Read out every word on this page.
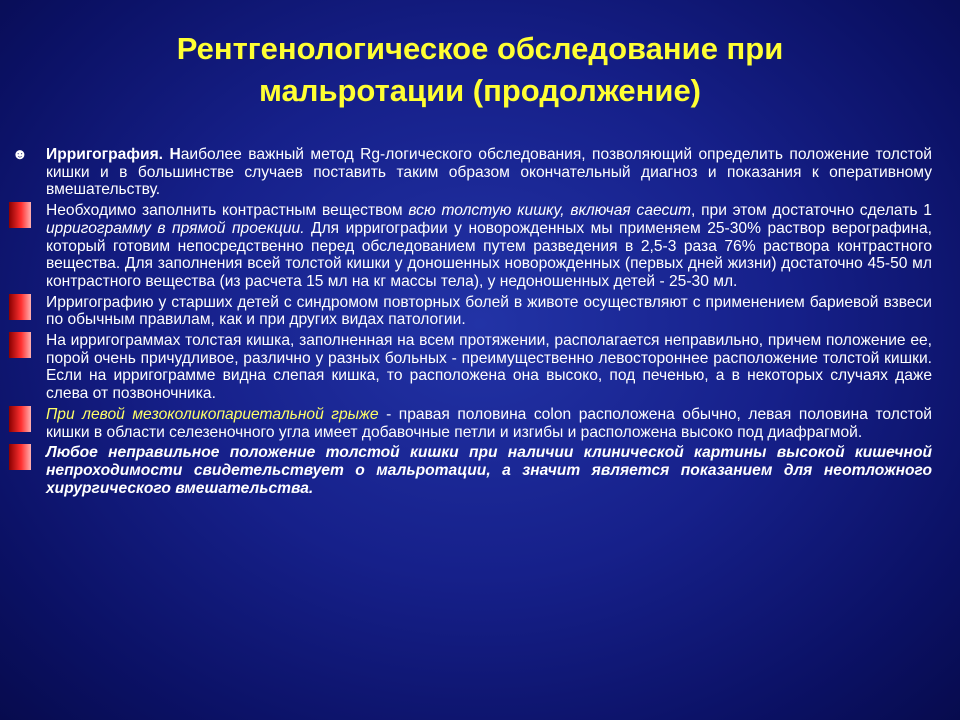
Рентгенологическое обследование при
мальротации (продолжение)
☻ Ирригография. Наиболее важный метод Rg-логического обследования, позволяющий определить положение толстой кишки и в большинстве случаев поставить таким образом окончательный диагноз и показания к оперативному вмешательству.
Необходимо заполнить контрастным веществом всю толстую кишку, включая саесит, при этом достаточно сделать 1 ирригограмму в прямой проекции. Для ирригографии у новорожденных мы применяем 25-30% раствор верографина, который готовим непосредственно перед обследованием путем разведения в 2,5-3 раза 76% раствора контрастного вещества. Для заполнения всей толстой кишки у доношенных новорожденных (первых дней жизни) достаточно 45-50 мл контрастного вещества (из расчета 15 мл на кг массы тела), у недоношенных детей - 25-30 мл.
Ирригографию у старших детей с синдромом повторных болей в животе осуществляют с применением бариевой взвеси по обычным правилам, как и при других видах патологии.
На ирригограммах толстая кишка, заполненная на всем протяжении, располагается неправильно, причем положение ее, порой очень причудливое, различно у разных больных - преимущественно левостороннее расположение толстой кишки. Если на ирригограмме видна слепая кишка, то расположена она высоко, под печенью, а в некоторых случаях даже слева от позвоночника.
При левой мезоколикопариетальной грыже - правая половина colon расположена обычно, левая половина толстой кишки в области селезеночного угла имеет добавочные петли и изгибы и расположена высоко под диафрагмой.
Любое неправильное положение толстой кишки при наличии клинической картины высокой кишечной непроходимости свидетельствует о мальротации, а значит является показанием для неотложного хирургического вмешательства.
